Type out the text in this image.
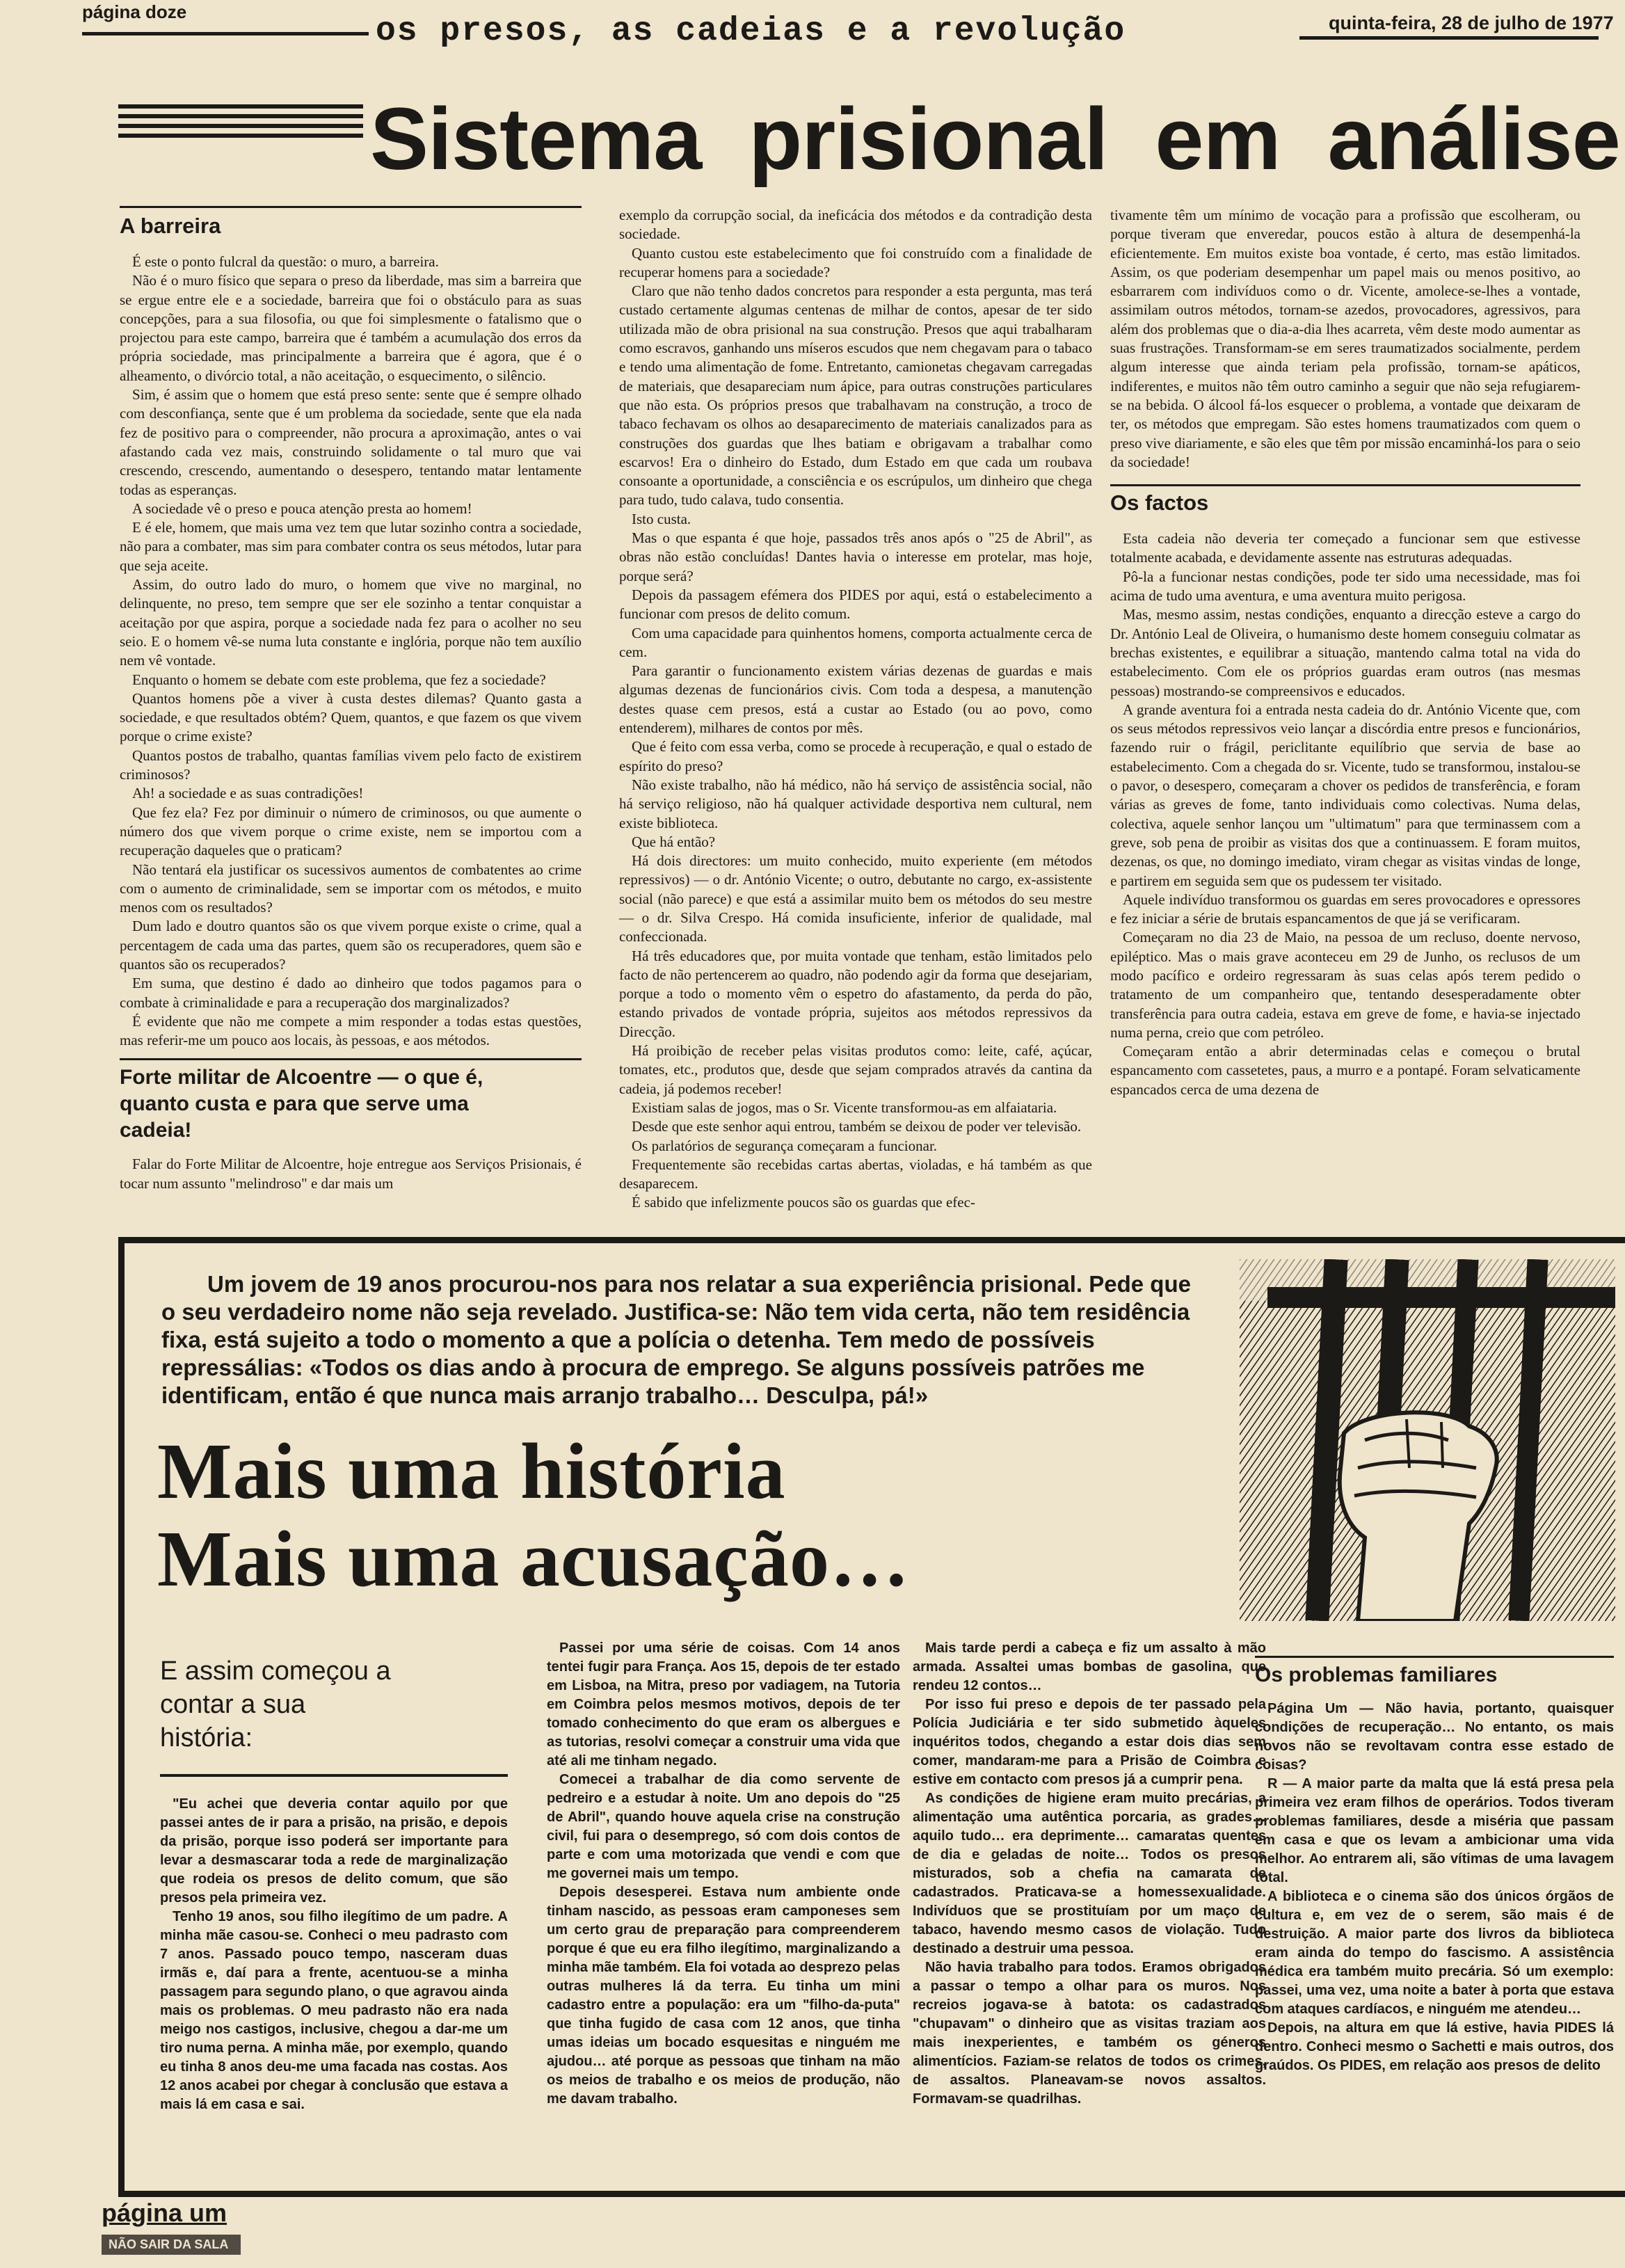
página doze
os presos, as cadeias e a revolução	quinta-feira, 28 de julho de 1977
Sistema prisional em análise
A barreira

É este o ponto fulcral da questão: o muro, a barreira.

Não é o muro físico que separa o preso da liberdade, mas sim a barreira que se ergue entre ele e a sociedade, barreira que foi o obstáculo para as suas concepções, para a sua filosofia, ou que foi simplesmente o fatalismo que o projectou para este campo, barreira que é também a acumulação dos erros da própria sociedade, mas principalmente a barreira que é agora, que é o alheamento, o divórcio total, a não aceitação, o esquecimento, o silêncio.

Sim, é assim que o homem que está preso sente: sente que é sempre olhado com desconfiança, sente que é um problema da sociedade, sente que ela nada fez de positivo para o compreender, não procura a aproximação, antes o vai afastando cada vez mais, construindo solidamente o tal muro que vai crescendo, crescendo, aumentando o desespero, tentando matar lentamente todas as esperanças.

A sociedade vê o preso e pouca atenção presta ao homem!

E é ele, homem, que mais uma vez tem que lutar sozinho contra a sociedade, não para a combater, mas sim para combater contra os seus métodos, lutar para que seja aceite.

Assim, do outro lado do muro, o homem que vive no marginal, no delinquente, no preso, tem sempre que ser ele sozinho a tentar conquistar a aceitação por que aspira, porque a sociedade nada fez para o acolher no seu seio. E o homem vê-se numa luta constante e inglória, porque não tem auxílio nem vê vontade.

Enquanto o homem se debate com este problema, que fez a sociedade?

Quantos homens põe a viver à custa destes dilemas? Quanto gasta a sociedade, e que resultados obtém? Quem, quantos, e que fazem os que vivem porque o crime existe?

Quantos postos de trabalho, quantas famílias vivem pelo facto de existirem criminosos?

Ah! a sociedade e as suas contradições!

Que fez ela? Fez por diminuir o número de criminosos, ou que aumente o número dos que vivem porque o crime existe, nem se importou com a recuperação daqueles que o praticam?

Não tentará ela justificar os sucessivos aumentos de combatentes ao crime com o aumento de criminalidade, sem se importar com os métodos, e muito menos com os resultados?

Dum lado e doutro quantos são os que vivem porque existe o crime, qual a percentagem de cada uma das partes, quem são os recuperadores, quem são e quantos são os recuperados?

Em suma, que destino é dado ao dinheiro que todos pagamos para o combate à criminalidade e para a recuperação dos marginalizados?

É evidente que não me compete a mim responder a todas estas questões, mas referir-me um pouco aos locais, às pessoas, e aos métodos.

Forte militar de Alcoentre — o que é, quanto custa e para que serve uma cadeia!

Falar do Forte Militar de Alcoentre, hoje entregue aos Serviços Prisionais, é tocar num assunto "melindroso" e dar mais um

exemplo da corrupção social, da ineficácia dos métodos e da contradição desta sociedade.

Quanto custou este estabelecimento que foi construído com a finalidade de recuperar homens para a sociedade?

Claro que não tenho dados concretos para responder a esta pergunta, mas terá custado certamente algumas centenas de milhar de contos, apesar de ter sido utilizada mão de obra prisional na sua construção. Presos que aqui trabalharam como escravos, ganhando uns míseros escudos que nem chegavam para o tabaco e tendo uma alimentação de fome. Entretanto, camionetas chegavam carregadas de materiais, que desapareciam num ápice, para outras construções particulares que não esta. Os próprios presos que trabalhavam na construção, a troco de tabaco fechavam os olhos ao desaparecimento de materiais canalizados para as construções dos guardas que lhes batiam e obrigavam a trabalhar como escarvos! Era o dinheiro do Estado, dum Estado em que cada um roubava consoante a oportunidade, a consciência e os escrúpulos, um dinheiro que chega para tudo, tudo calava, tudo consentia.

Isto custa.

Mas o que espanta é que hoje, passados três anos após o "25 de Abril", as obras não estão concluídas! Dantes havia o interesse em protelar, mas hoje, porque será?

Depois da passagem efémera dos PIDES por aqui, está o estabelecimento a funcionar com presos de delito comum.

Com uma capacidade para quinhentos homens, comporta actualmente cerca de cem.

Para garantir o funcionamento existem várias dezenas de guardas e mais algumas dezenas de funcionários civis. Com toda a despesa, a manutenção destes quase cem presos, está a custar ao Estado (ou ao povo, como entenderem), milhares de contos por mês.

Que é feito com essa verba, como se procede à recuperação, e qual o estado de espírito do preso?

Não existe trabalho, não há médico, não há serviço de assistência social, não há serviço religioso, não há qualquer actividade desportiva nem cultural, nem existe biblioteca.

Que há então?

Há dois directores: um muito conhecido, muito experiente (em métodos repressivos) — o dr. António Vicente; o outro, debutante no cargo, ex-assistente social (não parece) e que está a assimilar muito bem os métodos do seu mestre — o dr. Silva Crespo. Há comida insuficiente, inferior de qualidade, mal confeccionada.

Há três educadores que, por muita vontade que tenham, estão limitados pelo facto de não pertencerem ao quadro, não podendo agir da forma que desejariam, porque a todo o momento vêm o espetro do afastamento, da perda do pão, estando privados de vontade própria, sujeitos aos métodos repressivos da Direcção.

Há proibição de receber pelas visitas produtos como: leite, café, açúcar, tomates, etc., produtos que, desde que sejam comprados através da cantina da cadeia, já podemos receber!

Existiam salas de jogos, mas o Sr. Vicente transformou-as em alfaiataria.

Desde que este senhor aqui entrou, também se deixou de poder ver televisão.

Os parlatórios de segurança começaram a funcionar.

Frequentemente são recebidas cartas abertas, violadas, e há também as que desaparecem.

É sabido que infelizmente poucos são os guardas que efec-

tivamente têm um mínimo de vocação para a profissão que escolheram, ou porque tiveram que enveredar, poucos estão à altura de desempenhá-la eficientemente. Em muitos existe boa vontade, é certo, mas estão limitados. Assim, os que poderiam desempenhar um papel mais ou menos positivo, ao esbarrarem com indivíduos como o dr. Vicente, amolece-se-lhes a vontade, assimilam outros métodos, tornam-se azedos, provocadores, agressivos, para além dos problemas que o dia-a-dia lhes acarreta, vêm deste modo aumentar as suas frustrações. Transformam-se em seres traumatizados socialmente, perdem algum interesse que ainda teriam pela profissão, tornam-se apáticos, indiferentes, e muitos não têm outro caminho a seguir que não seja refugiarem-se na bebida. O álcool fá-los esquecer o problema, a vontade que deixaram de ter, os métodos que empregam. São estes homens traumatizados com quem o preso vive diariamente, e são eles que têm por missão encaminhá-los para o seio da sociedade!

Os factos

Esta cadeia não deveria ter começado a funcionar sem que estivesse totalmente acabada, e devidamente assente nas estruturas adequadas.

Pô-la a funcionar nestas condições, pode ter sido uma necessidade, mas foi acima de tudo uma aventura, e uma aventura muito perigosa.

Mas, mesmo assim, nestas condições, enquanto a direcção esteve a cargo do Dr. António Leal de Oliveira, o humanismo deste homem conseguiu colmatar as brechas existentes, e equilibrar a situação, mantendo calma total na vida do estabelecimento. Com ele os próprios guardas eram outros (nas mesmas pessoas) mostrando-se compreensivos e educados.

A grande aventura foi a entrada nesta cadeia do dr. António Vicente que, com os seus métodos repressivos veio lançar a discórdia entre presos e funcionários, fazendo ruir o frágil, periclitante equilíbrio que servia de base ao estabelecimento. Com a chegada do sr. Vicente, tudo se transformou, instalou-se o pavor, o desespero, começaram a chover os pedidos de transferência, e foram várias as greves de fome, tanto individuais como colectivas. Numa delas, colectiva, aquele senhor lançou um "ultimatum" para que terminassem com a greve, sob pena de proibir as visitas dos que a continuassem. E foram muitos, dezenas, os que, no domingo imediato, viram chegar as visitas vindas de longe, e partirem em seguida sem que os pudessem ter visitado.

Aquele indivíduo transformou os guardas em seres provocadores e opressores e fez iniciar a série de brutais espancamentos de que já se verificaram.

Começaram no dia 23 de Maio, na pessoa de um recluso, doente nervoso, epiléptico. Mas o mais grave aconteceu em 29 de Junho, os reclusos de um modo pacífico e ordeiro regressaram às suas celas após terem pedido o tratamento de um companheiro que, tentando desesperadamente obter transferência para outra cadeia, estava em greve de fome, e havia-se injectado numa perna, creio que com petróleo.

Começaram então a abrir determinadas celas e começou o brutal espancamento com cassetetes, paus, a murro e a pontapé. Foram selvaticamente espancados cerca de uma dezena de

Um jovem de 19 anos procurou-nos para nos relatar a sua experiência prisional. Pede que o seu verdadeiro nome não seja revelado. Justifica-se: Não tem vida certa, não tem residência fixa, está sujeito a todo o momento a que a polícia o detenha. Tem medo de possíveis repressálias: «Todos os dias ando à procura de emprego. Se alguns possíveis patrões me identificam, então é que nunca mais arranjo trabalho… Desculpa, pá!»
Mais uma história
Mais uma acusação…
E assim começou a contar a sua história:

"Eu achei que deveria contar aquilo por que passei antes de ir para a prisão, na prisão, e depois da prisão, porque isso poderá ser importante para levar a desmascarar toda a rede de marginalização que rodeia os presos de delito comum, que são presos pela primeira vez.

Tenho 19 anos, sou filho ilegítimo de um padre. A minha mãe casou-se. Conheci o meu padrasto com 7 anos. Passado pouco tempo, nasceram duas irmãs e, daí para a frente, acentuou-se a minha passagem para segundo plano, o que agravou ainda mais os problemas. O meu padrasto não era nada meigo nos castigos, inclusive, chegou a dar-me um tiro numa perna. A minha mãe, por exemplo, quando eu tinha 8 anos deu-me uma facada nas costas. Aos 12 anos acabei por chegar à conclusão que estava a mais lá em casa e sai.

Passei por uma série de coisas. Com 14 anos tentei fugir para França. Aos 15, depois de ter estado em Lisboa, na Mitra, preso por vadiagem, na Tutoria em Coimbra pelos mesmos motivos, depois de ter tomado conhecimento do que eram os albergues e as tutorias, resolvi começar a construir uma vida que até ali me tinham negado.

Comecei a trabalhar de dia como servente de pedreiro e a estudar à noite. Um ano depois do "25 de Abril", quando houve aquela crise na construção civil, fui para o desemprego, só com dois contos de parte e com uma motorizada que vendi e com que me governei mais um tempo.

Depois desesperei. Estava num ambiente onde tinham nascido, as pessoas eram camponeses sem um certo grau de preparação para compreenderem porque é que eu era filho ilegítimo, marginalizando a minha mãe também. Ela foi votada ao desprezo pelas outras mulheres lá da terra. Eu tinha um mini cadastro entre a população: era um "filho-da-puta" que tinha fugido de casa com 12 anos, que tinha umas ideias um bocado esquesitas e ninguém me ajudou… até porque as pessoas que tinham na mão os meios de trabalho e os meios de produção, não me davam trabalho.

Mais tarde perdi a cabeça e fiz um assalto à mão armada. Assaltei umas bombas de gasolina, que rendeu 12 contos…

Por isso fui preso e depois de ter passado pela Polícia Judiciária e ter sido submetido àqueles inquéritos todos, chegando a estar dois dias sem comer, mandaram-me para a Prisão de Coimbra e estive em contacto com presos já a cumprir pena.

As condições de higiene eram muito precárias, a alimentação uma autêntica porcaria, as grades… aquilo tudo… era deprimente… camaratas quentes de dia e geladas de noite… Todos os presos misturados, sob a chefia na camarata de cadastrados. Praticava-se a homessexualidade. Indivíduos que se prostituíam por um maço de tabaco, havendo mesmo casos de violação. Tudo destinado a destruir uma pessoa.

Não havia trabalho para todos. Eramos obrigados a passar o tempo a olhar para os muros. Nos recreios jogava-se à batota: os cadastrados "chupavam" o dinheiro que as visitas traziam aos mais inexperientes, e também os géneros alimentícios. Faziam-se relatos de todos os crimes, de assaltos. Planeavam-se novos assaltos. Formavam-se quadrilhas.

Os problemas familiares

Página Um — Não havia, portanto, quaisquer condições de recuperação… No entanto, os mais novos não se revoltavam contra esse estado de coisas?

R — A maior parte da malta que lá está presa pela primeira vez eram filhos de operários. Todos tiveram problemas familiares, desde a miséria que passam em casa e que os levam a ambicionar uma vida melhor. Ao entrarem ali, são vítimas de uma lavagem total.

A biblioteca e o cinema são dos únicos órgãos de cultura e, em vez de o serem, são mais é de destruição. A maior parte dos livros da biblioteca eram ainda do tempo do fascismo. A assistência médica era também muito precária. Só um exemplo: passei, uma vez, uma noite a bater à porta que estava com ataques cardíacos, e ninguém me atendeu…

Depois, na altura em que lá estive, havia PIDES lá dentro. Conheci mesmo o Sachetti e mais outros, dos graúdos. Os PIDES, em relação aos presos de delito

página um
NÃO SAIR DA SALA
